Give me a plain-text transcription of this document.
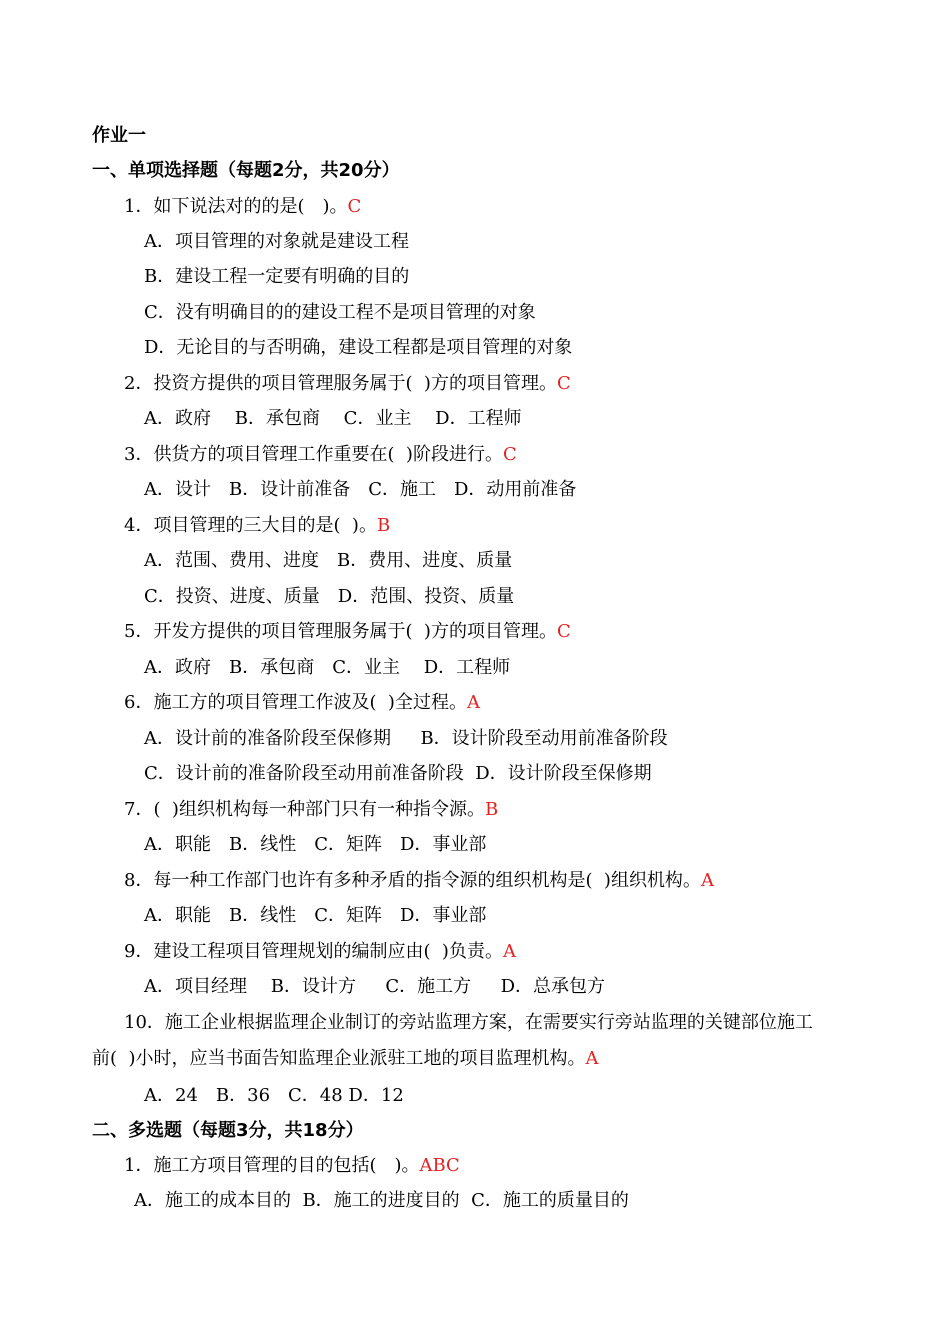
作业一
一、单项选择题（每题2分，共20分）
1．如下说法对的的是(　)。C
A．项目管理的对象就是建设工程
B．建设工程一定要有明确的目的
C．没有明确目的的建设工程不是项目管理的对象
D．无论目的与否明确，建设工程都是项目管理的对象
2．投资方提供的项目管理服务属于(  )方的项目管理。C
A．政府　 B．承包商　 C．业主　 D．工程师
3．供货方的项目管理工作重要在(  )阶段进行。C
A．设计　B．设计前准备　C．施工　D．动用前准备
4．项目管理的三大目的是(  )。B
A．范围、费用、进度　B．费用、进度、质量
C．投资、进度、质量　D．范围、投资、质量
5．开发方提供的项目管理服务属于(  )方的项目管理。C
A．政府　B．承包商　C．业主　 D．工程师
6．施工方的项目管理工作波及(  )全过程。A
A．设计前的准备阶段至保修期　  B．设计阶段至动用前准备阶段
C．设计前的准备阶段至动用前准备阶段  D．设计阶段至保修期
7．(  )组织机构每一种部门只有一种指令源。B
A．职能　B．线性　C．矩阵　D．事业部
8．每一种工作部门也许有多种矛盾的指令源的组织机构是(  )组织机构。A
A．职能　B．线性　C．矩阵　D．事业部
9．建设工程项目管理规划的编制应由(  )负责。A
A．项目经理　 B．设计方　  C．施工方　  D．总承包方
10．施工企业根据监理企业制订的旁站监理方案，在需要实行旁站监理的关键部位施工
前(  )小时，应当书面告知监理企业派驻工地的项目监理机构。A
A．24　B．36　C．48 D．12
二、多选题（每题3分，共18分）
1．施工方项目管理的目的包括(　)。ABC
A．施工的成本目的  B．施工的进度目的  C．施工的质量目的
